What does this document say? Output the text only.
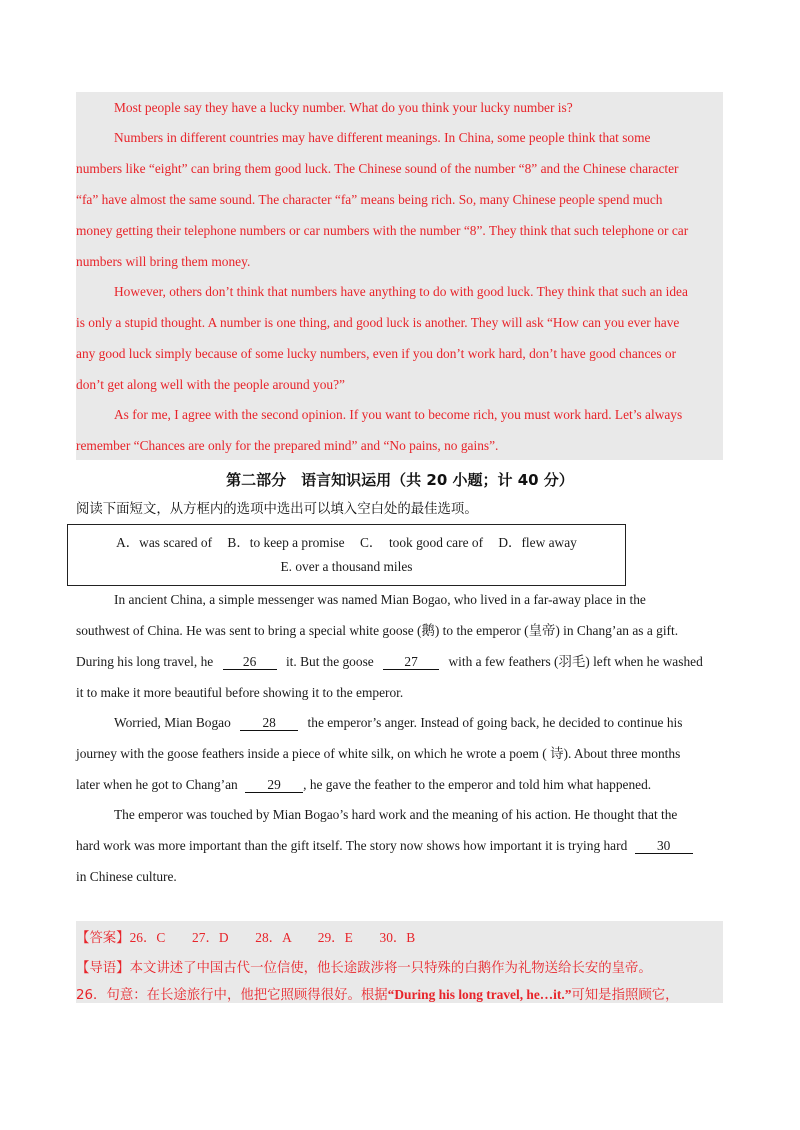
Most people say they have a lucky number. What do you think your lucky number is?
Numbers in different countries may have different meanings. In China, some people think that some
numbers like “eight” can bring them good luck. The Chinese sound of the number “8” and the Chinese character
“fa” have almost the same sound. The character “fa” means being rich. So, many Chinese people spend much
money getting their telephone numbers or car numbers with the number “8”. They think that such telephone or car
numbers will bring them money.
However, others don’t think that numbers have anything to do with good luck. They think that such an idea
is only a stupid thought. A number is one thing, and good luck is another. They will ask “How can you ever have
any good luck simply because of some lucky numbers, even if you don’t work hard, don’t have good chances or
don’t get along well with the people around you?”
As for me, I agree with the second opinion. If you want to become rich, you must work hard. Let’s always
remember “Chances are only for the prepared mind” and “No pains, no gains”.
第二部分　语言知识运用（共 20 小题；计 40 分）
阅读下面短文，从方框内的选项中选出可以填入空白处的最佳选项。
A．was scared of B．to keep a promise C．　took good care of D．flew away
E. over a thousand miles
In ancient China, a simple messenger was named Mian Bogao, who lived in a far-away place in the
southwest of China. He was sent to bring a special white goose (鹅) to the emperor (皇帝) in Chang’an as a gift.
During his long travel, he 26 it. But the goose 27 with a few feathers (羽毛) left when he washed
it to make it more beautiful before showing it to the emperor.
Worried, Mian Bogao 28 the emperor’s anger. Instead of going back, he decided to continue his
journey with the goose feathers inside a piece of white silk, on which he wrote a poem ( 诗). About three months
later when he got to Chang’an 29 , he gave the feather to the emperor and told him what happened.
The emperor was touched by Mian Bogao’s hard work and the meaning of his action. He thought that the
hard work was more important than the gift itself. The story now shows how important it is trying hard 30
in Chinese culture.
【答案】26．C　　27．D　　28．A　　29．E　　30．B
【导语】本文讲述了中国古代一位信使，他长途跋涉将一只特殊的白鹅作为礼物送给长安的皇帝。
26．句意：在长途旅行中，他把它照顾得很好。根据“During his long travel, he…it.”可知是指照顾它，
